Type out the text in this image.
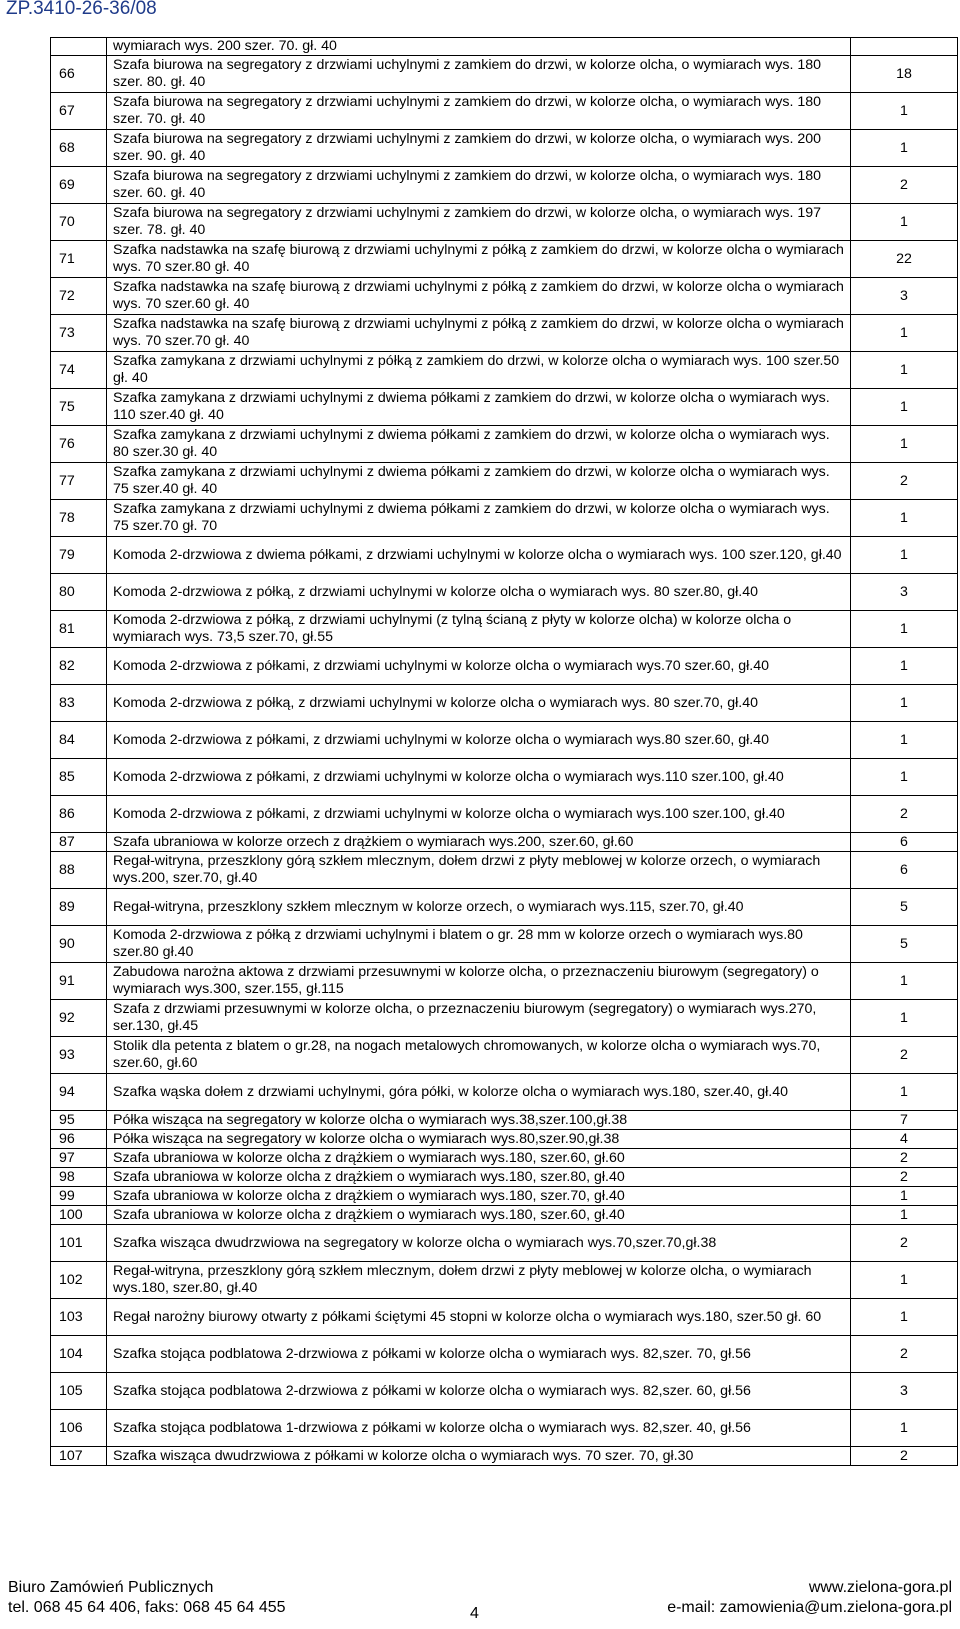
ZP.3410-26-36/08
	wymiarach wys. 200 szer. 70. gł. 40	
66	Szafa biurowa na segregatory z drzwiami uchylnymi z zamkiem do drzwi, w kolorze olcha, o wymiarach wys. 180 szer. 80. gł. 40	18
67	Szafa biurowa na segregatory z drzwiami uchylnymi z zamkiem do drzwi, w kolorze olcha, o wymiarach wys. 180 szer. 70. gł. 40	1
68	Szafa biurowa na segregatory z drzwiami uchylnymi z zamkiem do drzwi, w kolorze olcha, o wymiarach wys. 200 szer. 90. gł. 40	1
69	Szafa biurowa na segregatory z drzwiami uchylnymi z zamkiem do drzwi, w kolorze olcha, o wymiarach wys. 180 szer. 60. gł. 40	2
70	Szafa biurowa na segregatory z drzwiami uchylnymi z zamkiem do drzwi, w kolorze olcha, o wymiarach wys. 197 szer. 78. gł. 40	1
71	Szafka nadstawka na szafę biurową z drzwiami uchylnymi z półką z zamkiem do drzwi, w kolorze olcha o wymiarach wys. 70 szer.80 gł. 40	22
72	Szafka nadstawka na szafę biurową z drzwiami uchylnymi z półką z zamkiem do drzwi, w kolorze olcha o wymiarach wys. 70 szer.60 gł. 40	3
73	Szafka nadstawka na szafę biurową z drzwiami uchylnymi z półką z zamkiem do drzwi, w kolorze olcha o wymiarach wys. 70 szer.70 gł. 40	1
74	Szafka zamykana z drzwiami uchylnymi z półką z zamkiem do drzwi, w kolorze olcha o wymiarach wys. 100 szer.50 gł. 40	1
75	Szafka zamykana z drzwiami uchylnymi z dwiema półkami z zamkiem do drzwi, w kolorze olcha o wymiarach wys. 110 szer.40 gł. 40	1
76	Szafka zamykana z drzwiami uchylnymi z dwiema półkami z zamkiem do drzwi, w kolorze olcha o wymiarach wys. 80 szer.30 gł. 40	1
77	Szafka zamykana z drzwiami uchylnymi z dwiema półkami z zamkiem do drzwi, w kolorze olcha o wymiarach wys. 75 szer.40 gł. 40	2
78	Szafka zamykana z drzwiami uchylnymi z dwiema półkami z zamkiem do drzwi, w kolorze olcha o wymiarach wys. 75 szer.70 gł. 70	1
79	Komoda 2-drzwiowa z dwiema półkami, z drzwiami uchylnymi w kolorze olcha o wymiarach wys. 100 szer.120, gł.40	1
80	Komoda 2-drzwiowa z półką, z drzwiami uchylnymi w kolorze olcha o wymiarach wys. 80 szer.80, gł.40	3
81	Komoda 2-drzwiowa z półką, z drzwiami uchylnymi (z tylną ścianą z płyty w kolorze olcha) w kolorze olcha o wymiarach wys. 73,5 szer.70, gł.55	1
82	Komoda 2-drzwiowa z półkami, z drzwiami uchylnymi w kolorze olcha o wymiarach wys.70 szer.60, gł.40	1
83	Komoda 2-drzwiowa z półką, z drzwiami uchylnymi w kolorze olcha o wymiarach wys. 80 szer.70, gł.40	1
84	Komoda 2-drzwiowa z półkami, z drzwiami uchylnymi w kolorze olcha o wymiarach wys.80 szer.60, gł.40	1
85	Komoda 2-drzwiowa z półkami, z drzwiami uchylnymi w kolorze olcha o wymiarach wys.110 szer.100, gł.40	1
86	Komoda 2-drzwiowa z półkami, z drzwiami uchylnymi w kolorze olcha o wymiarach wys.100 szer.100, gł.40	2
87	Szafa ubraniowa w kolorze orzech z drążkiem o wymiarach wys.200, szer.60, gł.60	6
88	Regał-witryna, przeszklony górą szkłem mlecznym, dołem drzwi z płyty meblowej w kolorze orzech, o wymiarach wys.200, szer.70, gł.40	6
89	Regał-witryna, przeszklony szkłem mlecznym w kolorze orzech, o wymiarach wys.115, szer.70, gł.40	5
90	Komoda 2-drzwiowa z półką z drzwiami uchylnymi i blatem o gr. 28 mm w kolorze orzech o wymiarach wys.80 szer.80 gł.40	5
91	Zabudowa narożna aktowa z drzwiami przesuwnymi w kolorze olcha, o przeznaczeniu biurowym (segregatory) o wymiarach wys.300, szer.155, gł.115	1
92	Szafa z drzwiami przesuwnymi w kolorze olcha, o przeznaczeniu biurowym (segregatory) o wymiarach wys.270, ser.130, gł.45	1
93	Stolik dla petenta z blatem o gr.28, na nogach metalowych chromowanych, w kolorze olcha o wymiarach wys.70, szer.60, gł.60	2
94	Szafka wąska dołem z drzwiami uchylnymi, góra półki, w kolorze olcha o wymiarach wys.180, szer.40, gł.40	1
95	Półka wisząca na segregatory w kolorze olcha o wymiarach wys.38,szer.100,gł.38	7
96	Półka wisząca na segregatory w kolorze olcha o wymiarach wys.80,szer.90,gł.38	4
97	Szafa ubraniowa w kolorze olcha z drążkiem o wymiarach wys.180, szer.60, gł.60	2
98	Szafa ubraniowa w kolorze olcha z drążkiem o wymiarach wys.180, szer.80, gł.40	2
99	Szafa ubraniowa w kolorze olcha z drążkiem o wymiarach wys.180, szer.70, gł.40	1
100	Szafa ubraniowa w kolorze olcha z drążkiem o wymiarach wys.180, szer.60, gł.40	1
101	Szafka wisząca dwudrzwiowa na segregatory w kolorze olcha o wymiarach wys.70,szer.70,gł.38	2
102	Regał-witryna, przeszklony górą szkłem mlecznym, dołem drzwi z płyty meblowej w kolorze olcha, o wymiarach wys.180, szer.80, gł.40	1
103	Regał narożny biurowy otwarty z półkami ściętymi 45 stopni w kolorze olcha o wymiarach wys.180, szer.50 gł. 60	1
104	Szafka stojąca podblatowa 2-drzwiowa z półkami w kolorze olcha o wymiarach wys. 82,szer. 70, gł.56	2
105	Szafka stojąca podblatowa 2-drzwiowa z półkami w kolorze olcha o wymiarach wys. 82,szer. 60, gł.56	3
106	Szafka stojąca podblatowa 1-drzwiowa z półkami w kolorze olcha o wymiarach wys. 82,szer. 40, gł.56	1
107	Szafka wisząca dwudrzwiowa z półkami w kolorze olcha o wymiarach wys. 70 szer. 70, gł.30	2
Biuro Zamówień Publicznych	www.zielona-gora.pl
tel. 068 45 64 406, faks: 068 45 64 455	e-mail: zamowienia@um.zielona-gora.pl
4
